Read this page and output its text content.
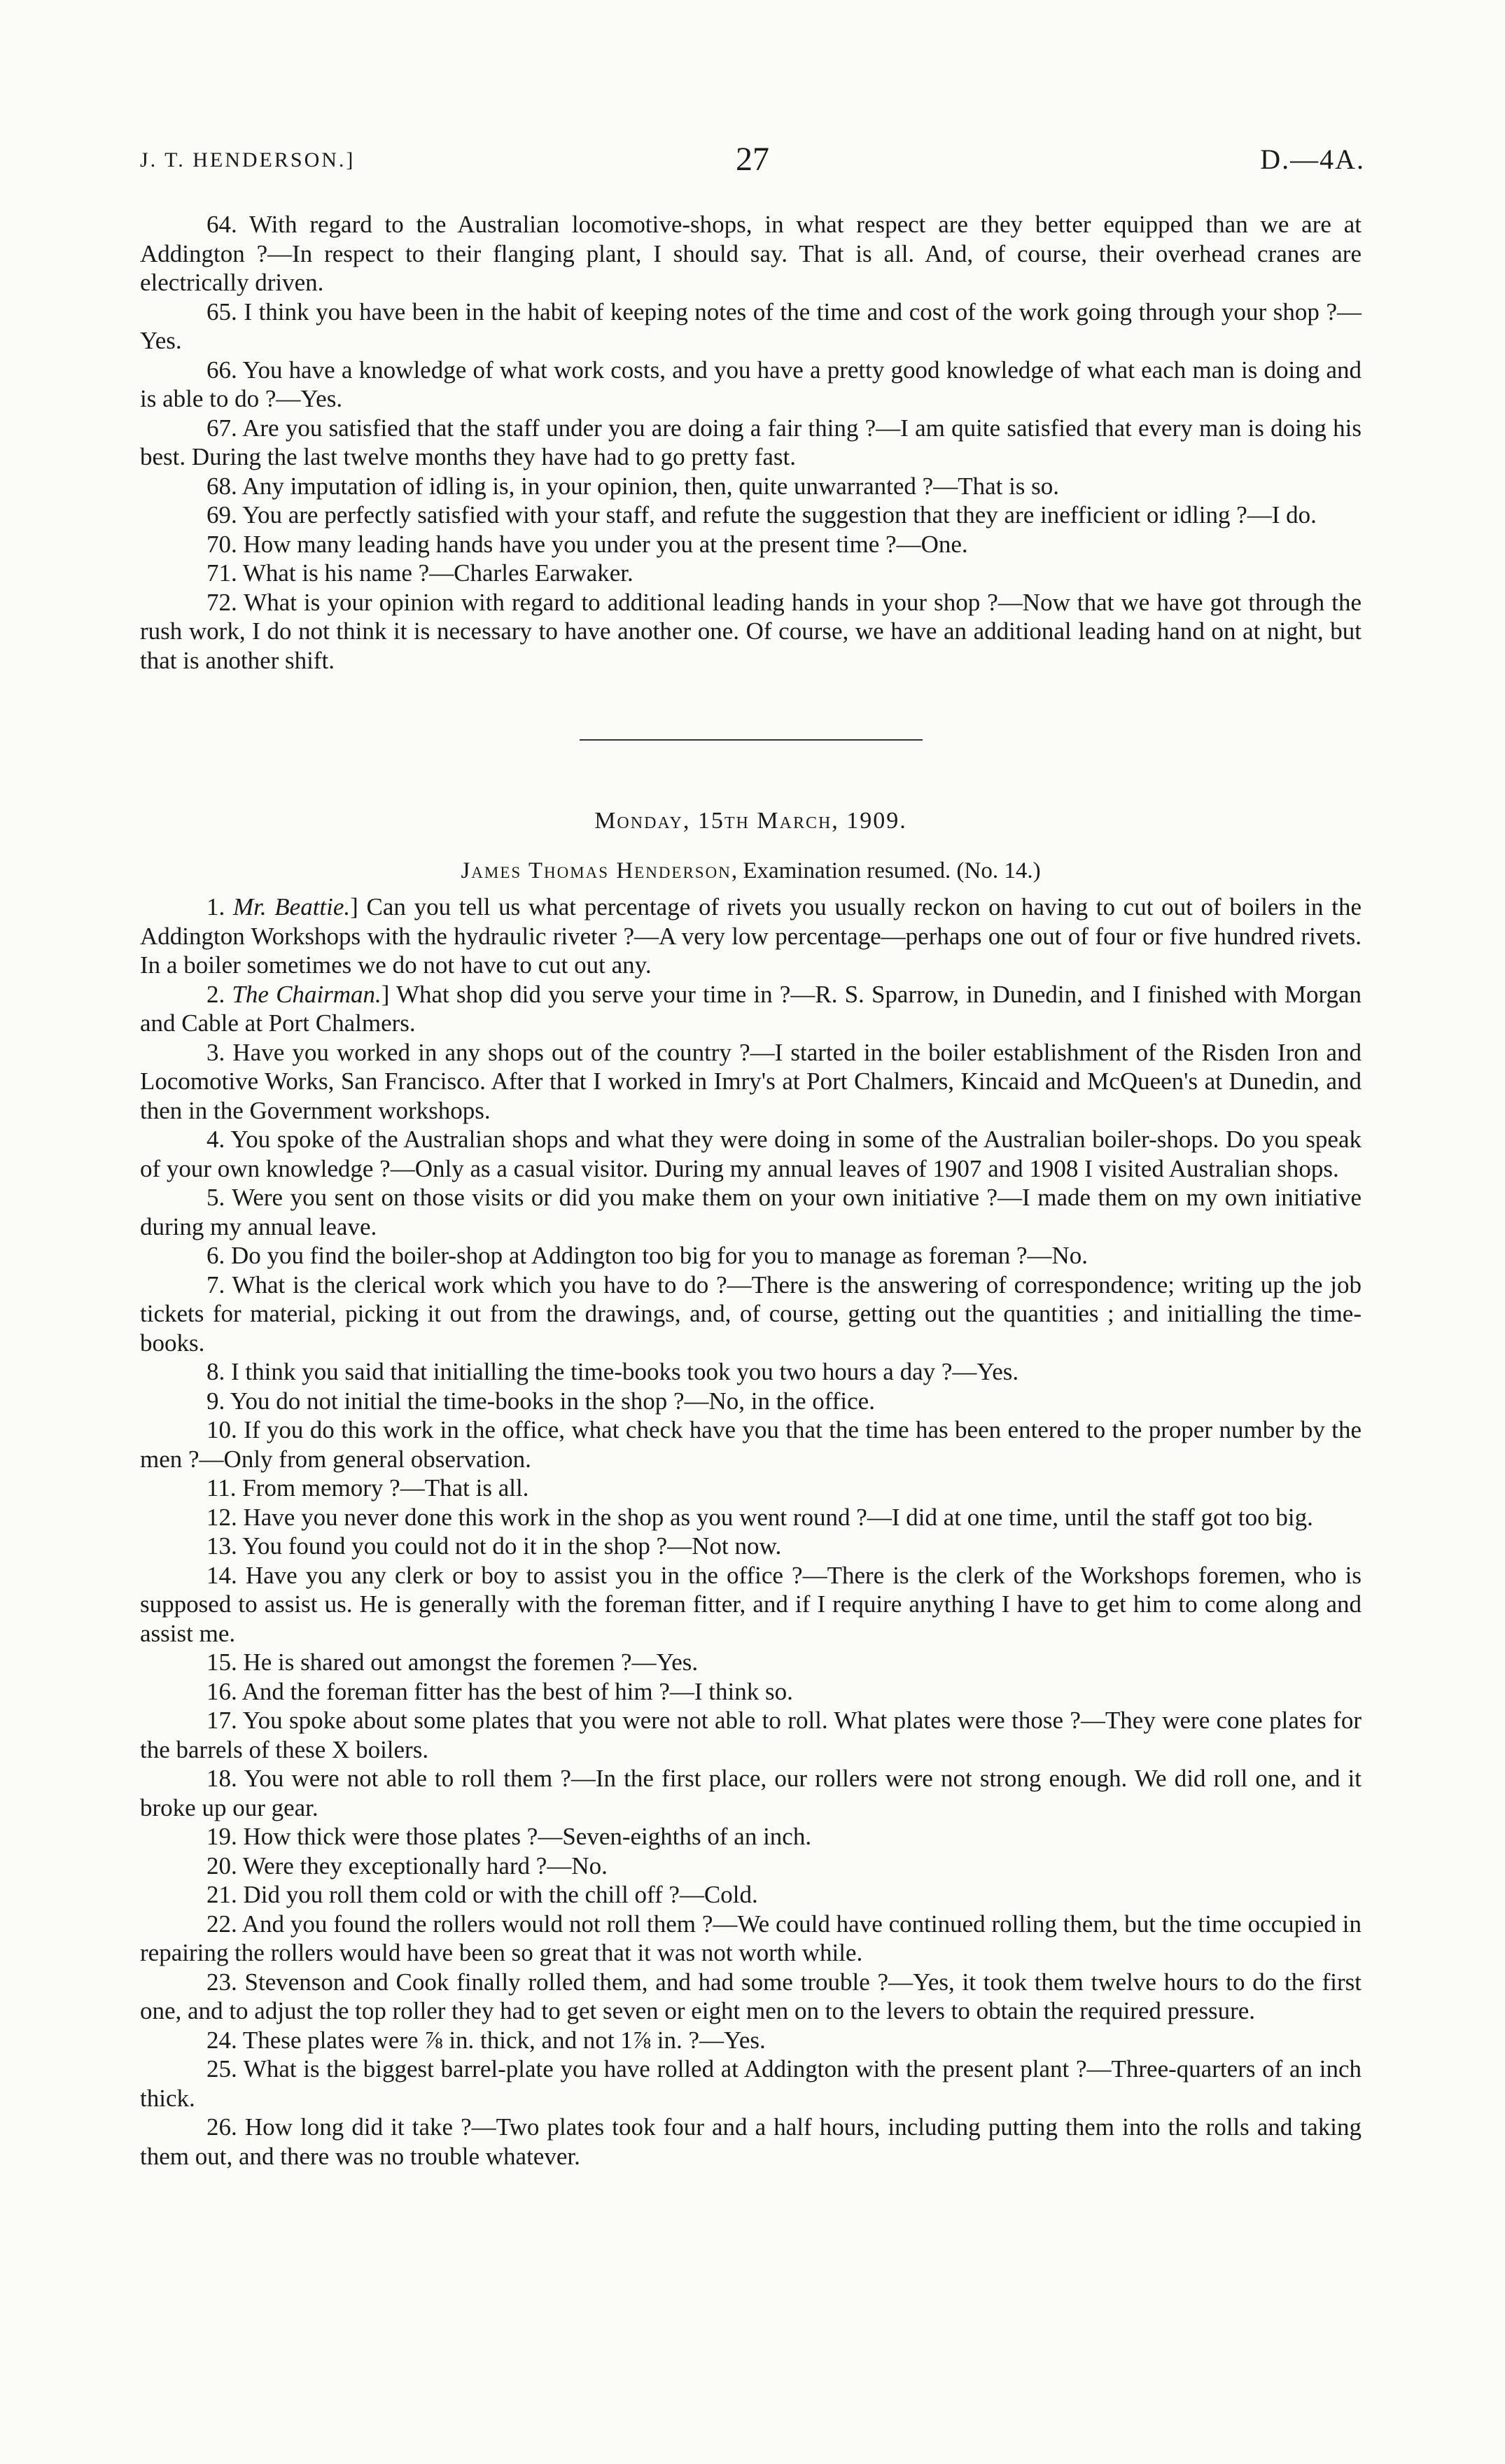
J. T. HENDERSON.]	27	D.—4A.

64. With regard to the Australian locomotive-shops, in what respect are they better equipped than we are at Addington ?—In respect to their flanging plant, I should say. That is all. And, of course, their overhead cranes are electrically driven.

65. I think you have been in the habit of keeping notes of the time and cost of the work going through your shop ?—Yes.

66. You have a knowledge of what work costs, and you have a pretty good knowledge of what each man is doing and is able to do ?—Yes.

67. Are you satisfied that the staff under you are doing a fair thing ?—I am quite satisfied that every man is doing his best. During the last twelve months they have had to go pretty fast.

68. Any imputation of idling is, in your opinion, then, quite unwarranted ?—That is so.

69. You are perfectly satisfied with your staff, and refute the suggestion that they are inefficient or idling ?—I do.

70. How many leading hands have you under you at the present time ?—One.

71. What is his name ?—Charles Earwaker.

72. What is your opinion with regard to additional leading hands in your shop ?—Now that we have got through the rush work, I do not think it is necessary to have another one. Of course, we have an additional leading hand on at night, but that is another shift.

Monday, 15th March, 1909.
James Thomas Henderson, Examination resumed. (No. 14.)

1. Mr. Beattie.] Can you tell us what percentage of rivets you usually reckon on having to cut out of boilers in the Addington Workshops with the hydraulic riveter ?—A very low percentage—perhaps one out of four or five hundred rivets. In a boiler sometimes we do not have to cut out any.

2. The Chairman.] What shop did you serve your time in ?—R. S. Sparrow, in Dunedin, and I finished with Morgan and Cable at Port Chalmers.

3. Have you worked in any shops out of the country ?—I started in the boiler establishment of the Risden Iron and Locomotive Works, San Francisco. After that I worked in Imry's at Port Chalmers, Kincaid and McQueen's at Dunedin, and then in the Government workshops.

4. You spoke of the Australian shops and what they were doing in some of the Australian boiler-shops. Do you speak of your own knowledge ?—Only as a casual visitor. During my annual leaves of 1907 and 1908 I visited Australian shops.

5. Were you sent on those visits or did you make them on your own initiative ?—I made them on my own initiative during my annual leave.

6. Do you find the boiler-shop at Addington too big for you to manage as foreman ?—No.

7. What is the clerical work which you have to do ?—There is the answering of correspondence; writing up the job tickets for material, picking it out from the drawings, and, of course, getting out the quantities ; and initialling the time-books.

8. I think you said that initialling the time-books took you two hours a day ?—Yes.

9. You do not initial the time-books in the shop ?—No, in the office.

10. If you do this work in the office, what check have you that the time has been entered to the proper number by the men ?—Only from general observation.

11. From memory ?—That is all.

12. Have you never done this work in the shop as you went round ?—I did at one time, until the staff got too big.

13. You found you could not do it in the shop ?—Not now.

14. Have you any clerk or boy to assist you in the office ?—There is the clerk of the Workshops foremen, who is supposed to assist us. He is generally with the foreman fitter, and if I require anything I have to get him to come along and assist me.

15. He is shared out amongst the foremen ?—Yes.

16. And the foreman fitter has the best of him ?—I think so.

17. You spoke about some plates that you were not able to roll. What plates were those ?—They were cone plates for the barrels of these X boilers.

18. You were not able to roll them ?—In the first place, our rollers were not strong enough. We did roll one, and it broke up our gear.

19. How thick were those plates ?—Seven-eighths of an inch.

20. Were they exceptionally hard ?—No.

21. Did you roll them cold or with the chill off ?—Cold.

22. And you found the rollers would not roll them ?—We could have continued rolling them, but the time occupied in repairing the rollers would have been so great that it was not worth while.

23. Stevenson and Cook finally rolled them, and had some trouble ?—Yes, it took them twelve hours to do the first one, and to adjust the top roller they had to get seven or eight men on to the levers to obtain the required pressure.

24. These plates were ⅞ in. thick, and not 1⅞ in. ?—Yes.

25. What is the biggest barrel-plate you have rolled at Addington with the present plant ?—Three-quarters of an inch thick.

26. How long did it take ?—Two plates took four and a half hours, including putting them into the rolls and taking them out, and there was no trouble whatever.
